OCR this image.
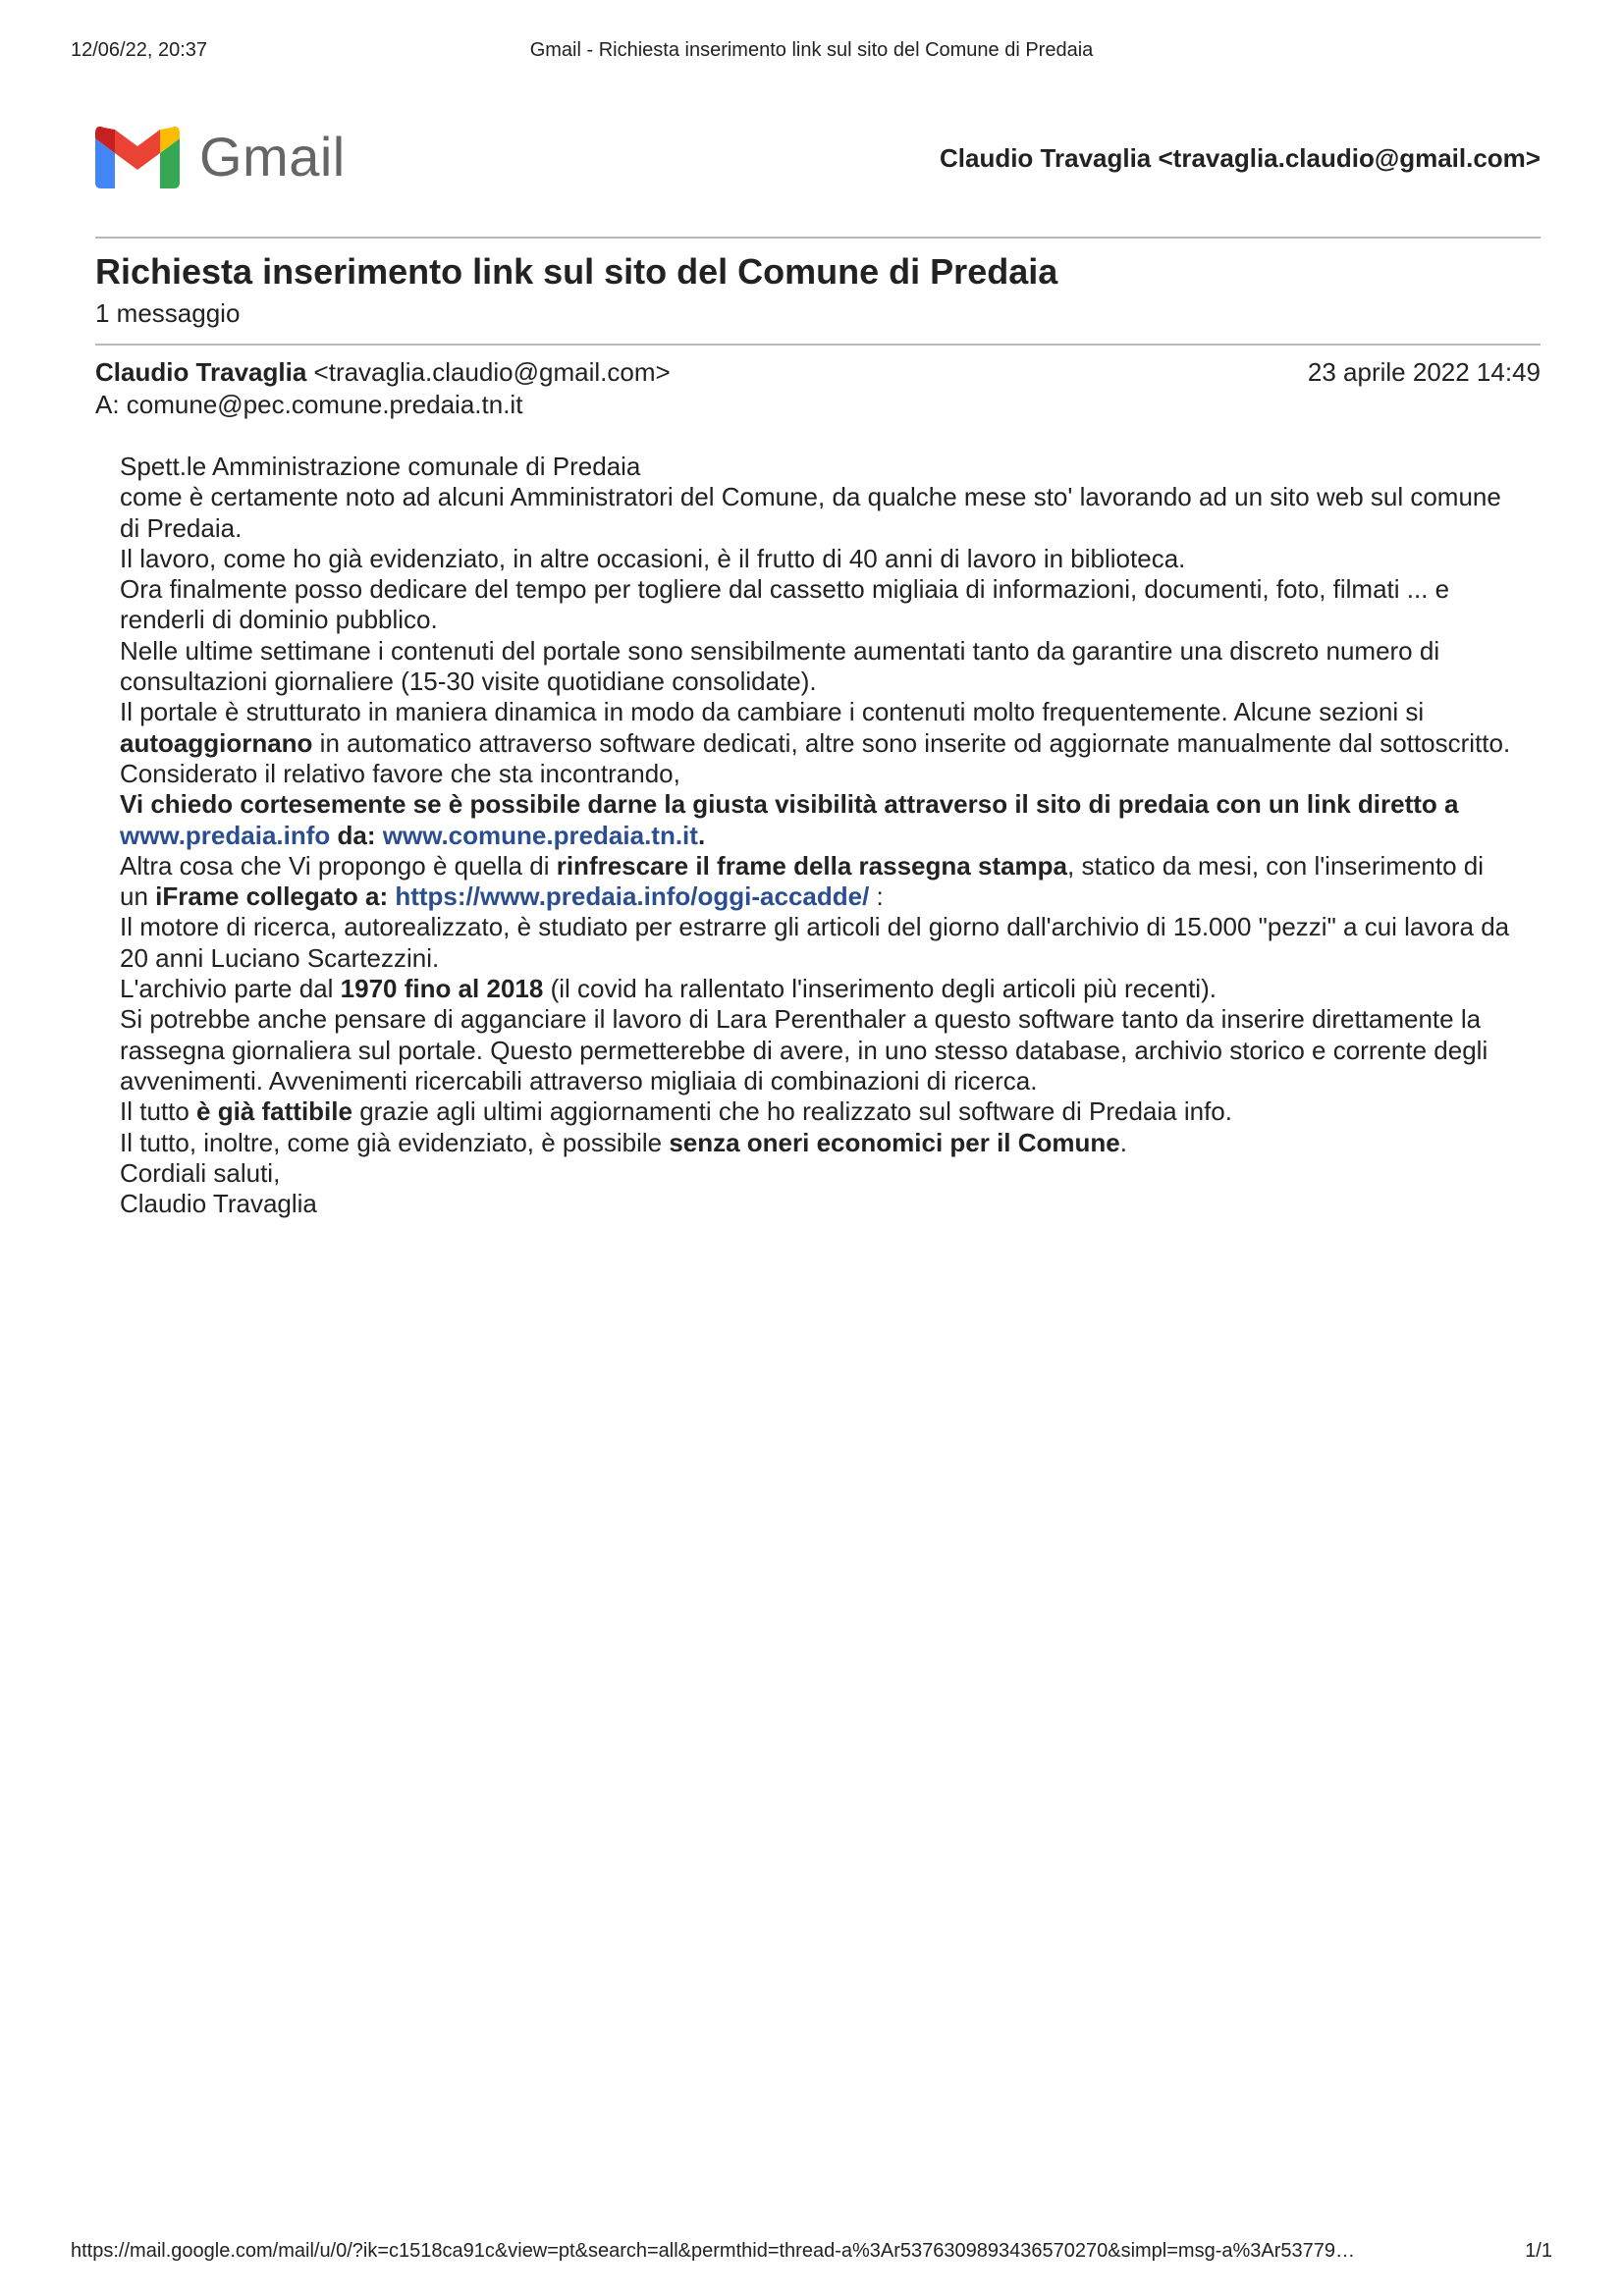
12/06/22, 20:37	Gmail - Richiesta inserimento link sul sito del Comune di Predaia
Gmail	Claudio Travaglia <travaglia.claudio@gmail.com>
Richiesta inserimento link sul sito del Comune di Predaia
1 messaggio
Claudio Travaglia <travaglia.claudio@gmail.com>	23 aprile 2022 14:49
A: comune@pec.comune.predaia.tn.it

Spett.le Amministrazione comunale di Predaia

come è certamente noto ad alcuni Amministratori del Comune, da qualche mese sto' lavorando ad un sito web sul comune di Predaia.

Il lavoro, come ho già evidenziato, in altre occasioni, è il frutto di 40 anni di lavoro in biblioteca.

Ora finalmente posso dedicare del tempo per togliere dal cassetto migliaia di informazioni, documenti, foto, filmati ... e renderli di dominio pubblico.

Nelle ultime settimane i contenuti del portale sono sensibilmente aumentati tanto da garantire una discreto numero di consultazioni giornaliere (15-30 visite quotidiane consolidate).

Il portale è strutturato in maniera dinamica in modo da cambiare i contenuti molto frequentemente. Alcune sezioni si autoaggiornano in automatico attraverso software dedicati, altre sono inserite od aggiornate manualmente dal sottoscritto.

Considerato il relativo favore che sta incontrando,

Vi chiedo cortesemente se è possibile darne la giusta visibilità attraverso il sito di predaia con un link diretto a www.predaia.info da: www.comune.predaia.tn.it.

Altra cosa che Vi propongo è quella di rinfrescare il frame della rassegna stampa, statico da mesi, con l'inserimento di un iFrame collegato a: https://www.predaia.info/oggi-accadde/ :

Il motore di ricerca, autorealizzato, è studiato per estrarre gli articoli del giorno dall'archivio di 15.000 "pezzi" a cui lavora da 20 anni Luciano Scartezzini.

L'archivio parte dal 1970 fino al 2018 (il covid ha rallentato l'inserimento degli articoli più recenti).

Si potrebbe anche pensare di agganciare il lavoro di Lara Perenthaler a questo software tanto da inserire direttamente la rassegna giornaliera sul portale. Questo permetterebbe di avere, in uno stesso database, archivio storico e corrente degli avvenimenti. Avvenimenti ricercabili attraverso migliaia di combinazioni di ricerca.

Il tutto è già fattibile grazie agli ultimi aggiornamenti che ho realizzato sul software di Predaia info.

Il tutto, inoltre, come già evidenziato, è possibile senza oneri economici per il Comune.

Cordiali saluti,

Claudio Travaglia

https://mail.google.com/mail/u/0/?ik=c1518ca91c&view=pt&search=all&permthid=thread-a%3Ar5376309893436570270&simpl=msg-a%3Ar53779…	1/1
